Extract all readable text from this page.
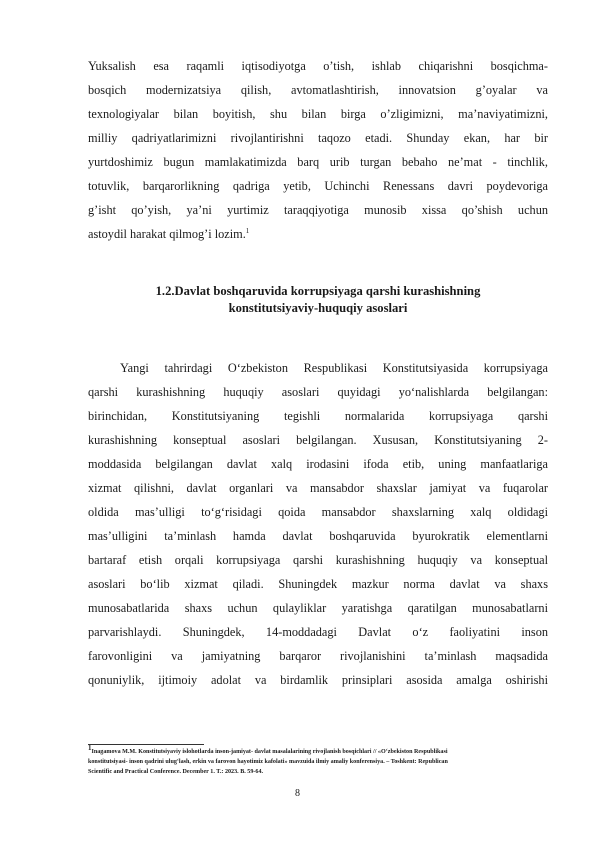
Yuksalish esa raqamli iqtisodiyotga o’tish, ishlab chiqarishni bosqichma-
bosqich modernizatsiya qilish, avtomatlashtirish, innovatsion g’oyalar va
texnologiyalar bilan boyitish, shu bilan birga o’zligimizni, ma’naviyatimizni,
milliy qadriyatlarimizni rivojlantirishni taqozo etadi. Shunday ekan, har bir
yurtdoshimiz bugun mamlakatimizda barq urib turgan bebaho ne’mat - tinchlik,
totuvlik, barqarorlikning qadriga yetib, Uchinchi Renessans davri poydevoriga
g’isht qo’yish, ya’ni yurtimiz taraqqiyotiga munosib xissa qo’shish uchun
astoydil harakat qilmog’i lozim.$^1$
1.2.Davlat boshqaruvida korrupsiyaga qarshi kurashishning
konstitutsiyaviy-huquqiy asoslari
Yangi tahrirdagi O‘zbekiston Respublikasi Konstitutsiyasida korrupsiyaga
qarshi kurashishning huquqiy asoslari quyidagi yo‘nalishlarda belgilangan:
birinchidan, Konstitutsiyaning tegishli normalarida korrupsiyaga qarshi
kurashishning konseptual asoslari belgilangan. Xususan, Konstitutsiyaning 2-
moddasida belgilangan davlat xalq irodasini ifoda etib, uning manfaatlariga
xizmat qilishni, davlat organlari va mansabdor shaxslar jamiyat va fuqarolar
oldida mas’ulligi to‘g‘risidagi qoida mansabdor shaxslarning xalq oldidagi
mas’ulligini ta’minlash hamda davlat boshqaruvida byurokratik elementlarni
bartaraf etish orqali korrupsiyaga qarshi kurashishning huquqiy va konseptual
asoslari bo‘lib xizmat qiladi. Shuningdek mazkur norma davlat va shaxs
munosabatlarida shaxs uchun qulayliklar yaratishga qaratilgan munosabatlarni
parvarishlaydi. Shuningdek, 14-moddadagi Davlat o‘z faoliyatini inson
farovonligini va jamiyatning barqaror rivojlanishini ta’minlash maqsadida
qonuniylik, ijtimoiy adolat va birdamlik prinsiplari asosida amalga oshirishi
$^1$Inagamova M.M. Konstitutsiyaviy islohotlarda inson-jamiyat- davlat masalalarining rivojlanish bosqichlari // «O‘zbekiston Respublikasi
konstitutsiyasi- inson qadrini ulug‘lash, erkin va farovon hayotimiz kafolati» mavzuida ilmiy amaliy konferensiya. – Toshkent: Republican
Scientific and Practical Conference. December 1. T.: 2023. B. 59-64.
8
